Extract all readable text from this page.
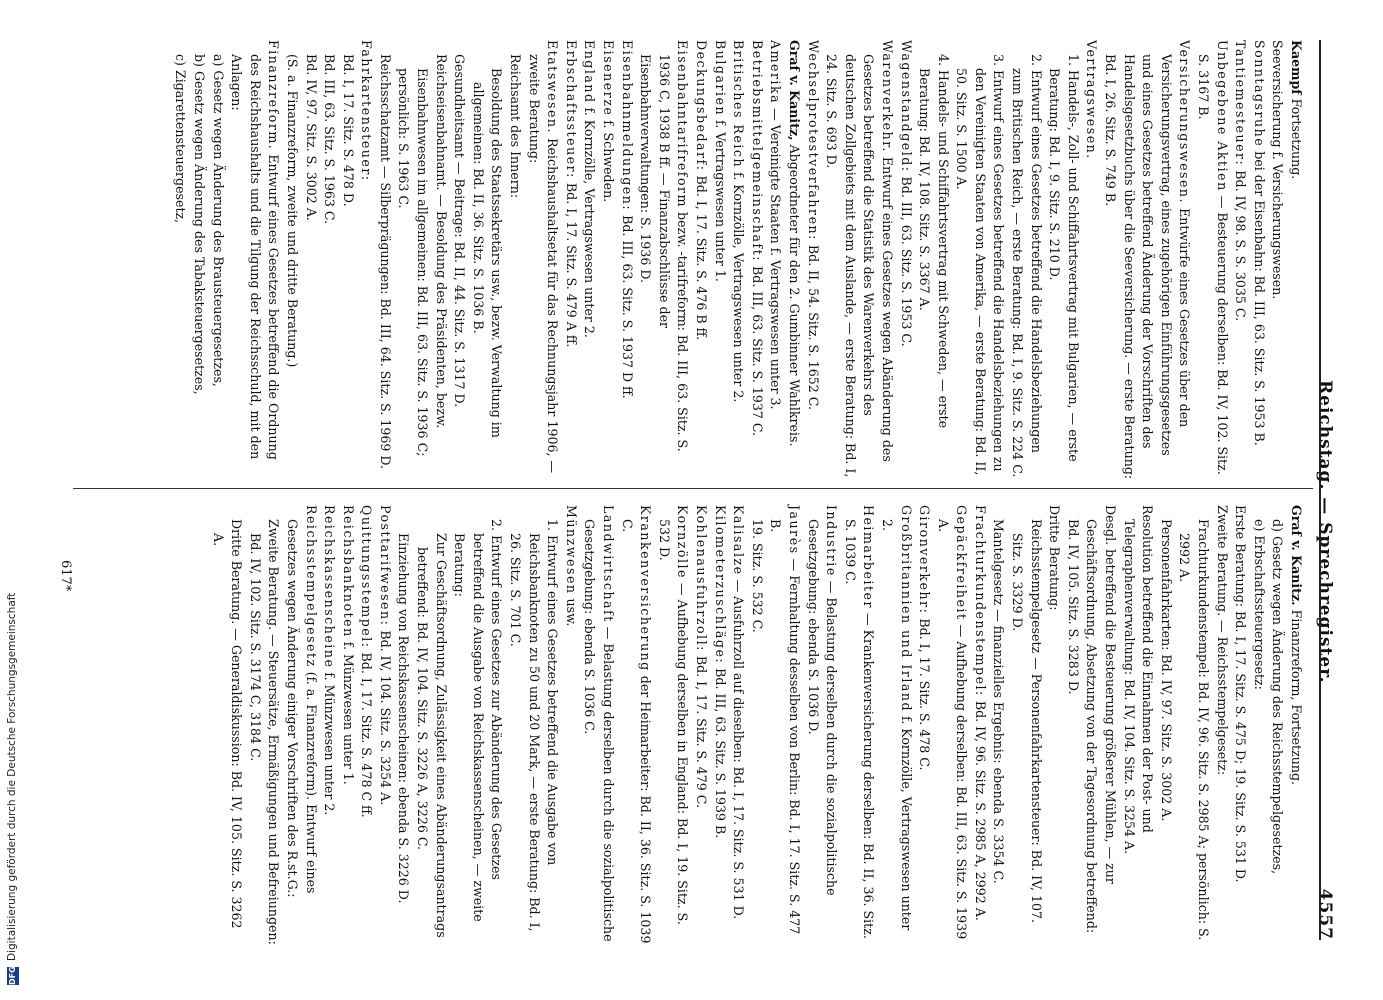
Reichstag. — Sprechregister.
4557

Kaempf Fortsetzung.

Seeversicherung f. Versicherungswesen.

Sonntagsruhe bei der Eisenbahn: Bd. III, 63. Sitz. S. 1953 B.

Tantiemesteuer: Bd. IV, 98. S. S. 3035 C.

Unbegebene Aktien — Besteuerung derselben: Bd. IV, 102. Sitz. S. 3167 B.

Versicherungswesen. Entwürfe eines Gesetzes über den Versicherungsvertrag, eines zugehörigen Einführungsgesetzes und eines Gesetzes betreffend Änderung der Vorschriften des Handelsgesetzbuchs über die Seeversicherung. — erste Beratung: Bd. I, 26. Sitz. S. 749 B.

Vertragswesen.

1. Handels-, Zoll- und Schiffahrtsvertrag mit Bulgarien, — erste Beratung: Bd. I, 9. Sitz. S. 210 D.

2. Entwurf eines Gesetzes betreffend die Handelsbeziehungen zum Britischen Reich, — erste Beratung: Bd. I, 9. Sitz. S. 224 C.

3. Entwurf eines Gesetzes betreffend die Handelsbeziehungen zu den Vereinigten Staaten von Amerika, — erste Beratung: Bd. II, 50. Sitz. S. 1500 A.

4. Handels- und Schiffahrtsvertrag mit Schweden, — erste Beratung: Bd. IV, 108. Sitz. S. 3367 A.

Wagenstandgeld: Bd. III, 63. Sitz. S. 1953 C.

Warenverkehr. Entwurf eines Gesetzes wegen Abänderung des Gesetzes betreffend die Statistik des Warenverkehrs des deutschen Zollgebiets mit dem Auslande, — erste Beratung: Bd. I, 24. Sitz. S. 693 D.

Wechselprotestverfahren: Bd. II, 54. Sitz. S. 1652 C.

Graf v. Kanitz, Abgeordneter für den 2. Gumbinner Wahlkreis.

Amerika — Vereinigte Staaten f. Vertragswesen unter 3.

Betriebsmittelgemeinschaft: Bd. III, 63. Sitz. S. 1937 C.

Britisches Reich f. Kornzölle, Vertragswesen unter 2.

Bulgarien f. Vertragswesen unter 1.

Deckungsbedarf: Bd. I, 17. Sitz. S. 476 B ff.

Eisenbahntarifreform bezw. -tarifreform: Bd. III, 63. Sitz. S. 1936 C, 1938 B ff. — Finanzabschlüsse der Eisenbahnverwaltungen: S. 1936 D.

Eisenbahnmeldungen: Bd. III, 63. Sitz. S. 1937 D ff.

Eisenerze f. Schweden.

England f. Kornzölle, Vertragswesen unter 2.

Erbschaftssteuer: Bd. I, 17. Sitz. S. 479 A ff.

Etatswesen. Reichshaushaltsetat für das Rechnungsjahr 1906, — zweite Beratung:

Reichsamt des Innern:

Besoldung des Staatssekretärs usw., bezw. Verwaltung im allgemeinen: Bd. II, 36. Sitz. S. 1036 B.

Gesundheitsamt — Beitrage: Bd. II, 44. Sitz. S. 1317 D.

Reichseisenbahnamt. — Besoldung des Präsidenten, bezw. Eisenbahnwesen im allgemeinen: Bd. III, 63. Sitz. S. 1936 C; persönlich: S. 1963 C.

Reichsschatzamt — Silberprägungen: Bd. III, 64. Sitz. S. 1969 D.

Fahrkartensteuer:

Bd. I, 17. Sitz. S. 478 D.

Bd. III, 63. Sitz. S. 1963 C.

Bd. IV, 97. Sitz. S. 3002 A.

(S. a. Finanzreform, zweite und dritte Beratung.)

Finanzreform. Entwurf eines Gesetzes betreffend die Ordnung des Reichshaushalts und die Tilgung der Reichsschuld, mit den Anlagen:

a) Gesetz wegen Änderung des Brausteuergesetzes,

b) Gesetz wegen Änderung des Tabaksteuergesetzes,

c) Zigarettensteuergesetz,

Graf v. Kanitz. Finanzreform, Fortsetzung.

d) Gesetz wegen Änderung des Reichsstempelgesetzes,

e) Erbschaftssteuergesetz:

Erste Beratung: Bd. I, 17. Sitz. S. 475 D; 19. Sitz. S. 531 D.

Zweite Beratung. — Reichsstempelgesetz:

Frachturkundenstempel: Bd. IV, 96. Sitz. S. 2985 A; persönlich: S. 2992 A.

Personenfahrkarten: Bd. IV, 97. Sitz. S. 3002 A.

Resolution betreffend die Einnahmen der Post- und Telegraphenverwaltung: Bd. IV, 104. Sitz. S. 3254 A.

Desgl. betreffend die Besteuerung größerer Mühlen, — zur Geschäftsordnung, Absetzung von der Tagesordnung betreffend: Bd. IV, 105. Sitz. S. 3283 D.

Dritte Beratung:

Reichsstempelgesetz — Personenfahrkartensteuer: Bd. IV, 107. Sitz. S. 3329 D.

Mantelgesetz — finanzielles Ergebnis: ebenda S. 3354 C.

Frachturkundenstempel: Bd. IV, 96. Sitz. S. 2985 A, 2992 A.

Gepäckfreiheit — Aufhebung derselben: Bd. III, 63. Sitz. S. 1939 A.

Gironverkehr: Bd. I, 17. Sitz. S. 478 C.

Großbritannien und Irland f. Kornzölle, Vertragswesen unter 2.

Heimarbeiter — Krankenversicherung derselben: Bd. II, 36. Sitz. S. 1039 C.

Industrie — Belastung derselben durch die sozialpolitische Gesetzgebung: ebenda S. 1036 D.

Jaurès — Fernhaltung desselben von Berlin: Bd. I, 17. Sitz. S. 477 B.

19. Sitz. S. 532 C.

Kalisalze — Ausfuhrzoll auf dieselben: Bd. I, 17. Sitz. S. 531 D.

Kilometerzuschläge: Bd. III, 63. Sitz. S. 1939 B.

Kohlenausfuhrzoll: Bd. I, 17. Sitz. S. 479 C.

Kornzölle — Aufhebung derselben in England: Bd. I, 19. Sitz. S. 532 D.

Krankenversicherung der Heimarbeiter: Bd. II, 36. Sitz. S. 1039 C.

Landwirtschaft — Belastung derselben durch die sozialpolitische Gesetzgebung: ebenda S. 1036 C.

Münzwesen usw.

1. Entwurf eines Gesetzes betreffend die Ausgabe von Reichsbanknoten zu 50 und 20 Mark, — erste Beratung: Bd. I, 26. Sitz. S. 701 C.

2. Entwurf eines Gesetzes zur Abänderung des Gesetzes betreffend die Ausgabe von Reichskassenscheinen, — zweite Beratung:

Zur Geschäftsordnung, Zulässigkeit eines Abänderungsantrags betreffend: Bd. IV, 104. Sitz. S. 3226 A, 3226 C.

Einziehung von Reichskassenscheinen: ebenda S. 3226 D.

Posttarifwesen: Bd. IV, 104. Sitz. S. 3254 A.

Quittungsstempel: Bd. I, 17. Sitz. S. 478 C ff.

Reichsbanknoten f. Münzwesen unter 1.

Reichskassenscheine f. Münzwesen unter 2.

Reichsstempelgesetz (f. a. Finanzreform). Entwurf eines Gesetzes wegen Änderung einiger Vorschriften des R.st.G.:

Zweite Beratung. — Steuersätze, Ermäßigungen und Befreiungen: Bd. IV, 102. Sitz. S. 3174 C, 3184 C.

Dritte Beratung. — Generaldiskussion: Bd. IV, 105. Sitz. S. 3262 A.

617*
DFGDigitalisierung gefördert durch die Deutsche Forschungsgemeinschaft
